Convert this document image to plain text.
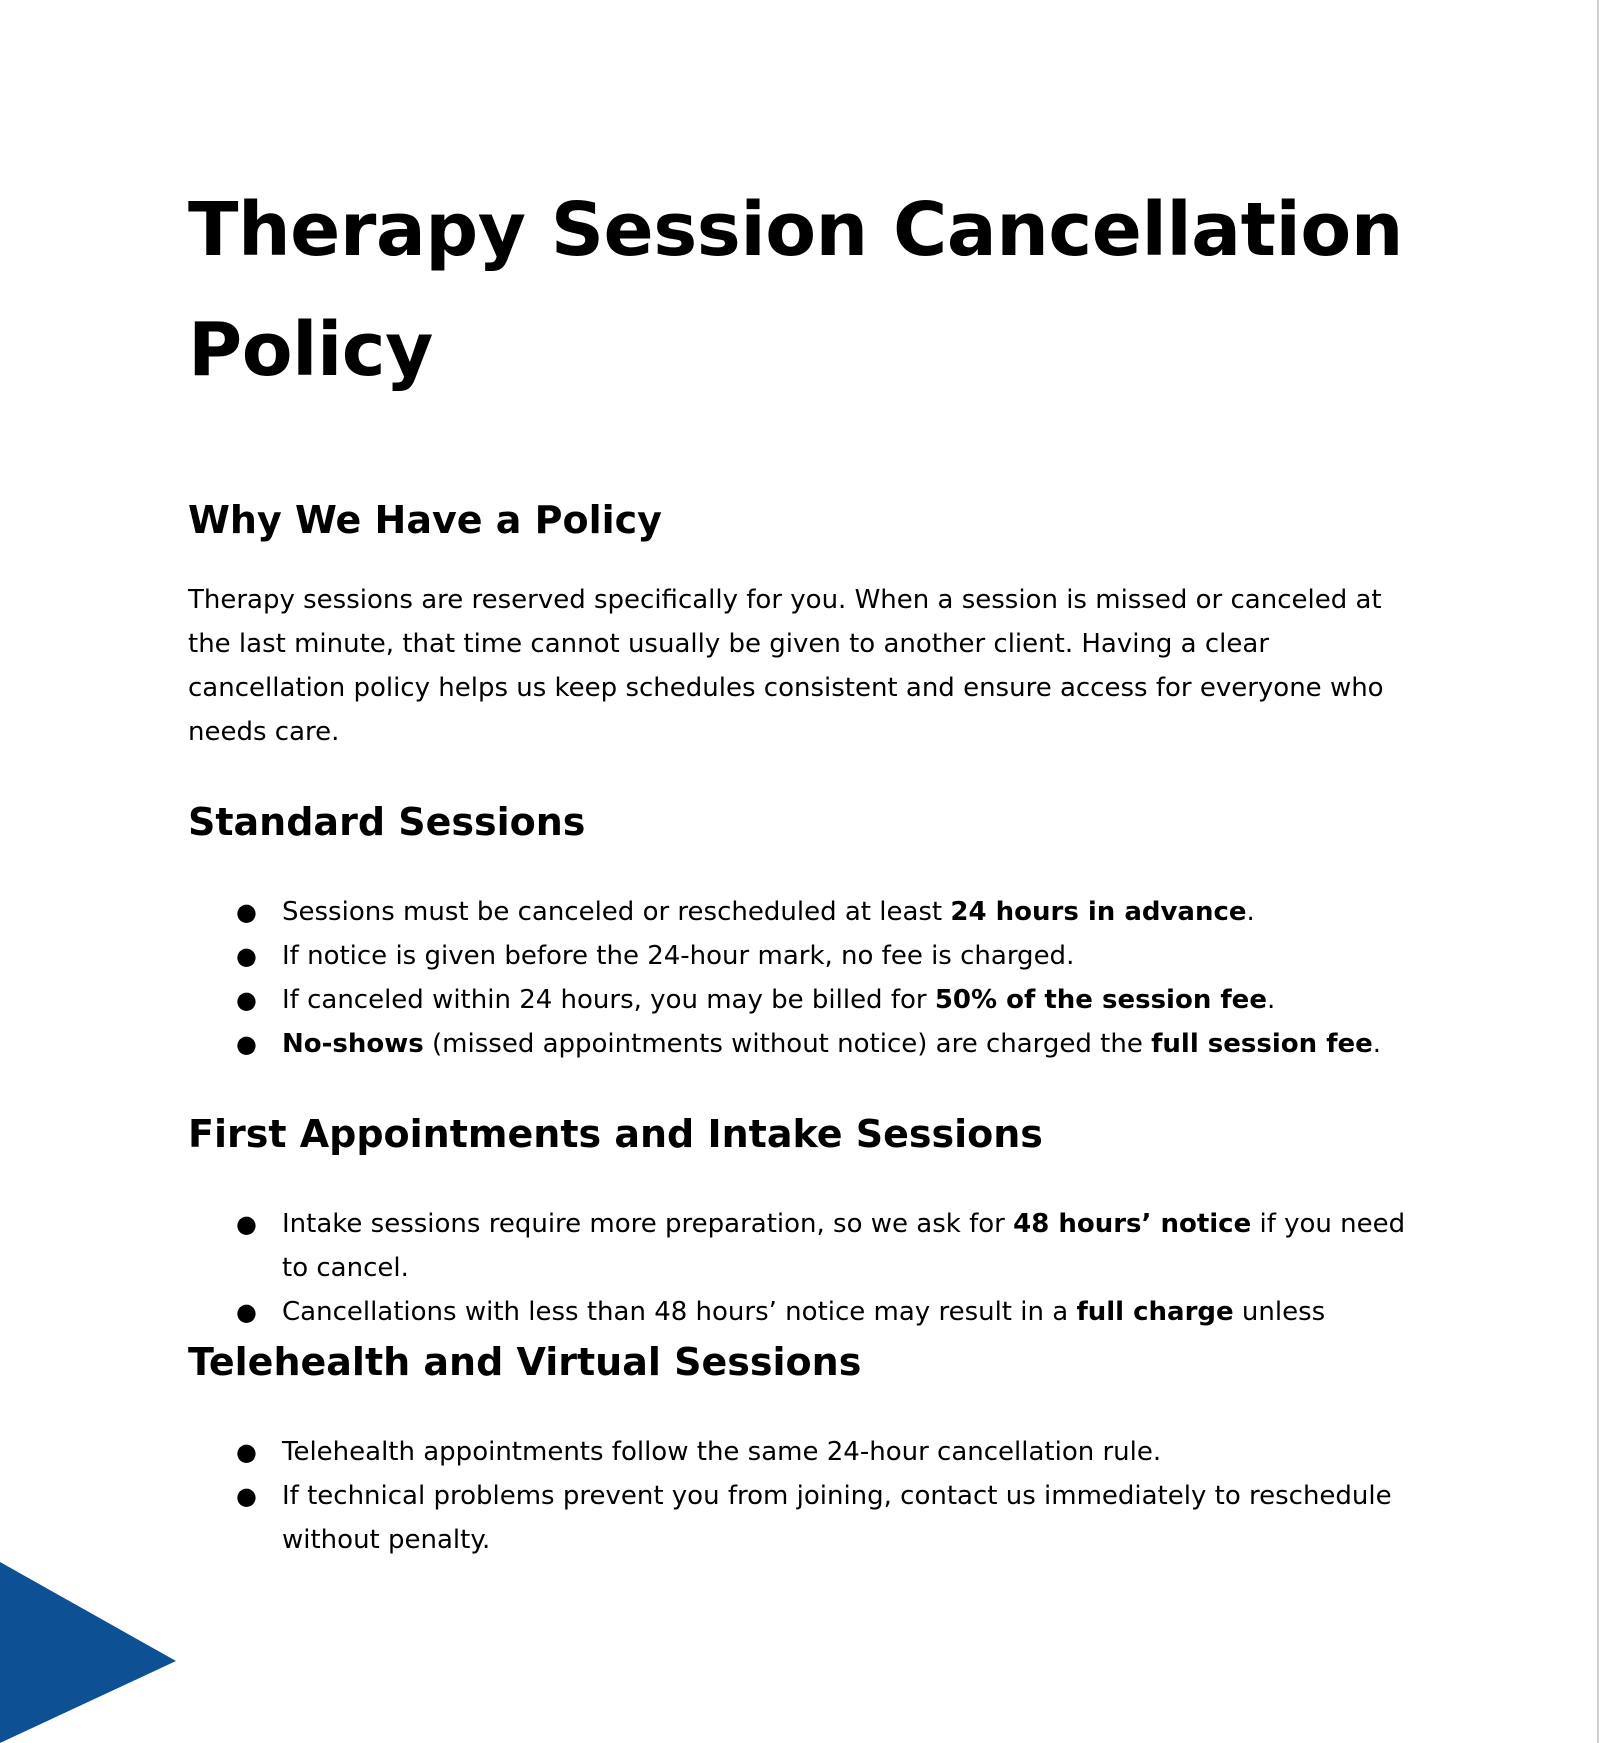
Therapy Session Cancellation Policy
Why We Have a Policy

Therapy sessions are reserved specifically for you. When a session is missed or canceled at the last minute, that time cannot usually be given to another client. Having a clear cancellation policy helps us keep schedules consistent and ensure access for everyone who needs care.

Standard Sessions
● Sessions must be canceled or rescheduled at least 24 hours in advance.
● If notice is given before the 24-hour mark, no fee is charged.
● If canceled within 24 hours, you may be billed for 50% of the session fee.
● No-shows (missed appointments without notice) are charged the full session fee.
First Appointments and Intake Sessions
● Intake sessions require more preparation, so we ask for 48 hours’ notice if you need to cancel.
● Cancellations with less than 48 hours’ notice may result in a full charge unless
Telehealth and Virtual Sessions
● Telehealth appointments follow the same 24-hour cancellation rule.
● If technical problems prevent you from joining, contact us immediately to reschedule without penalty.
